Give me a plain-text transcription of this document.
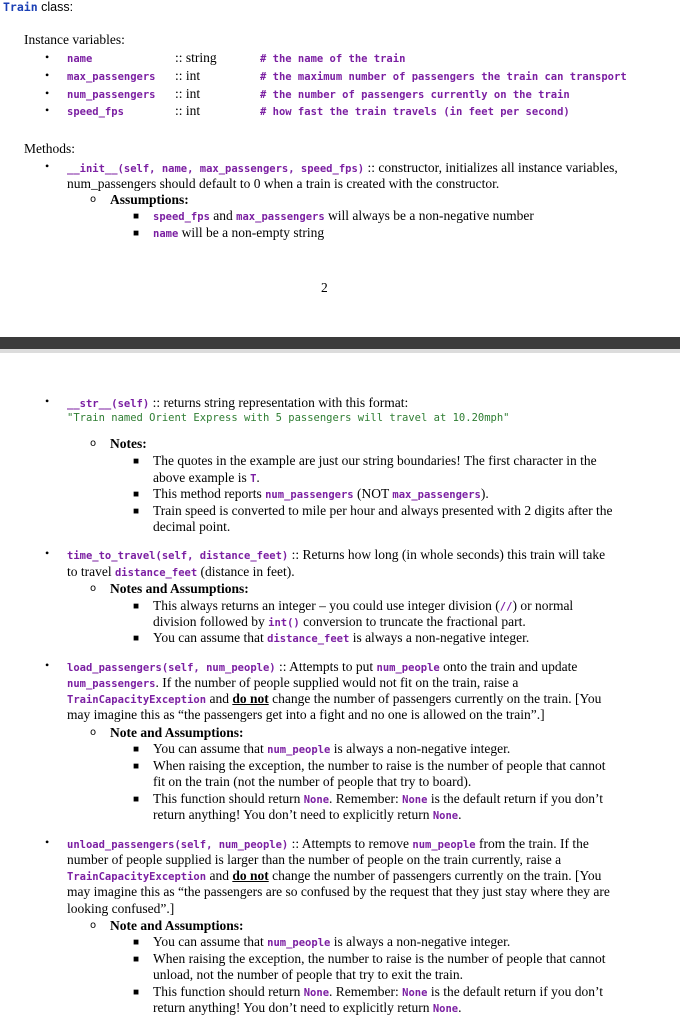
Train class:
Instance variables:
• name	:: string	# the name of the train
• max_passengers :: int	# the maximum number of passengers the train can transport
• num_passengers :: int	# the number of passengers currently on the train
• speed_fps	:: int	# how fast the train travels (in feet per second)
Methods:
• __init__(self, name, max_passengers, speed_fps) :: constructor, initializes all instance variables,
num_passengers should default to 0 when a train is created with the constructor.
o Assumptions:
■ speed_fps and max_passengers will always be a non-negative number
■ name will be a non-empty string
2
• __str__(self) :: returns string representation with this format:
"Train named Orient Express with 5 passengers will travel at 10.20mph"
o Notes:
■ The quotes in the example are just our string boundaries! The first character in the
above example is T.
■ This method reports num_passengers (NOT max_passengers).
■ Train speed is converted to mile per hour and always presented with 2 digits after the
decimal point.
• time_to_travel(self, distance_feet) :: Returns how long (in whole seconds) this train will take
to travel distance_feet (distance in feet).
o Notes and Assumptions:
■ This always returns an integer – you could use integer division (//) or normal
division followed by int() conversion to truncate the fractional part.
■ You can assume that distance_feet is always a non-negative integer.
• load_passengers(self, num_people) :: Attempts to put num_people onto the train and update
num_passengers. If the number of people supplied would not fit on the train, raise a
TrainCapacityException and do not change the number of passengers currently on the train. [You
may imagine this as “the passengers get into a fight and no one is allowed on the train”.]
o Note and Assumptions:
■ You can assume that num_people is always a non-negative integer.
■ When raising the exception, the number to raise is the number of people that cannot
fit on the train (not the number of people that try to board).
■ This function should return None. Remember: None is the default return if you don’t
return anything! You don’t need to explicitly return None.
• unload_passengers(self, num_people) :: Attempts to remove num_people from the train. If the
number of people supplied is larger than the number of people on the train currently, raise a
TrainCapacityException and do not change the number of passengers currently on the train. [You
may imagine this as “the passengers are so confused by the request that they just stay where they are
looking confused”.]
o Note and Assumptions:
■ You can assume that num_people is always a non-negative integer.
■ When raising the exception, the number to raise is the number of people that cannot
unload, not the number of people that try to exit the train.
■ This function should return None. Remember: None is the default return if you don’t
return anything! You don’t need to explicitly return None.
